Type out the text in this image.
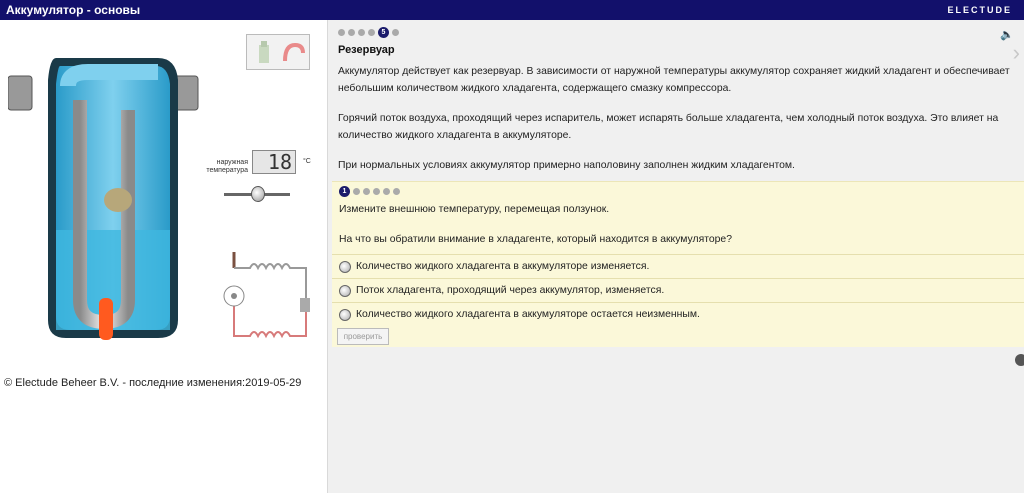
Аккумулятор - основы	ELECTUDE
наружная температура 18	°C
© Electude Beheer B.V. - последние изменения:2019-05-29
5	🔈
Резервуар
Аккумулятор действует как резервуар. В зависимости от наружной температуры аккумулятор сохраняет жидкий хладагент и обеспечивает небольшим количеством жидкого хладагента, содержащего смазку компрессора.
Горячий поток воздуха, проходящий через испаритель, может испарять больше хладагента, чем холодный поток воздуха. Это влияет на количество жидкого хладагента в аккумуляторе.
При нормальных условиях аккумулятор примерно наполовину заполнен жидким хладагентом.
›
1
Измените внешнюю температуру, перемещая ползунок.
На что вы обратили внимание в хладагенте, который находится в аккумуляторе?
Количество жидкого хладагента в аккумуляторе изменяется.
Поток хладагента, проходящий через аккумулятор, изменяется.
Количество жидкого хладагента в аккумуляторе остается неизменным.
проверить
